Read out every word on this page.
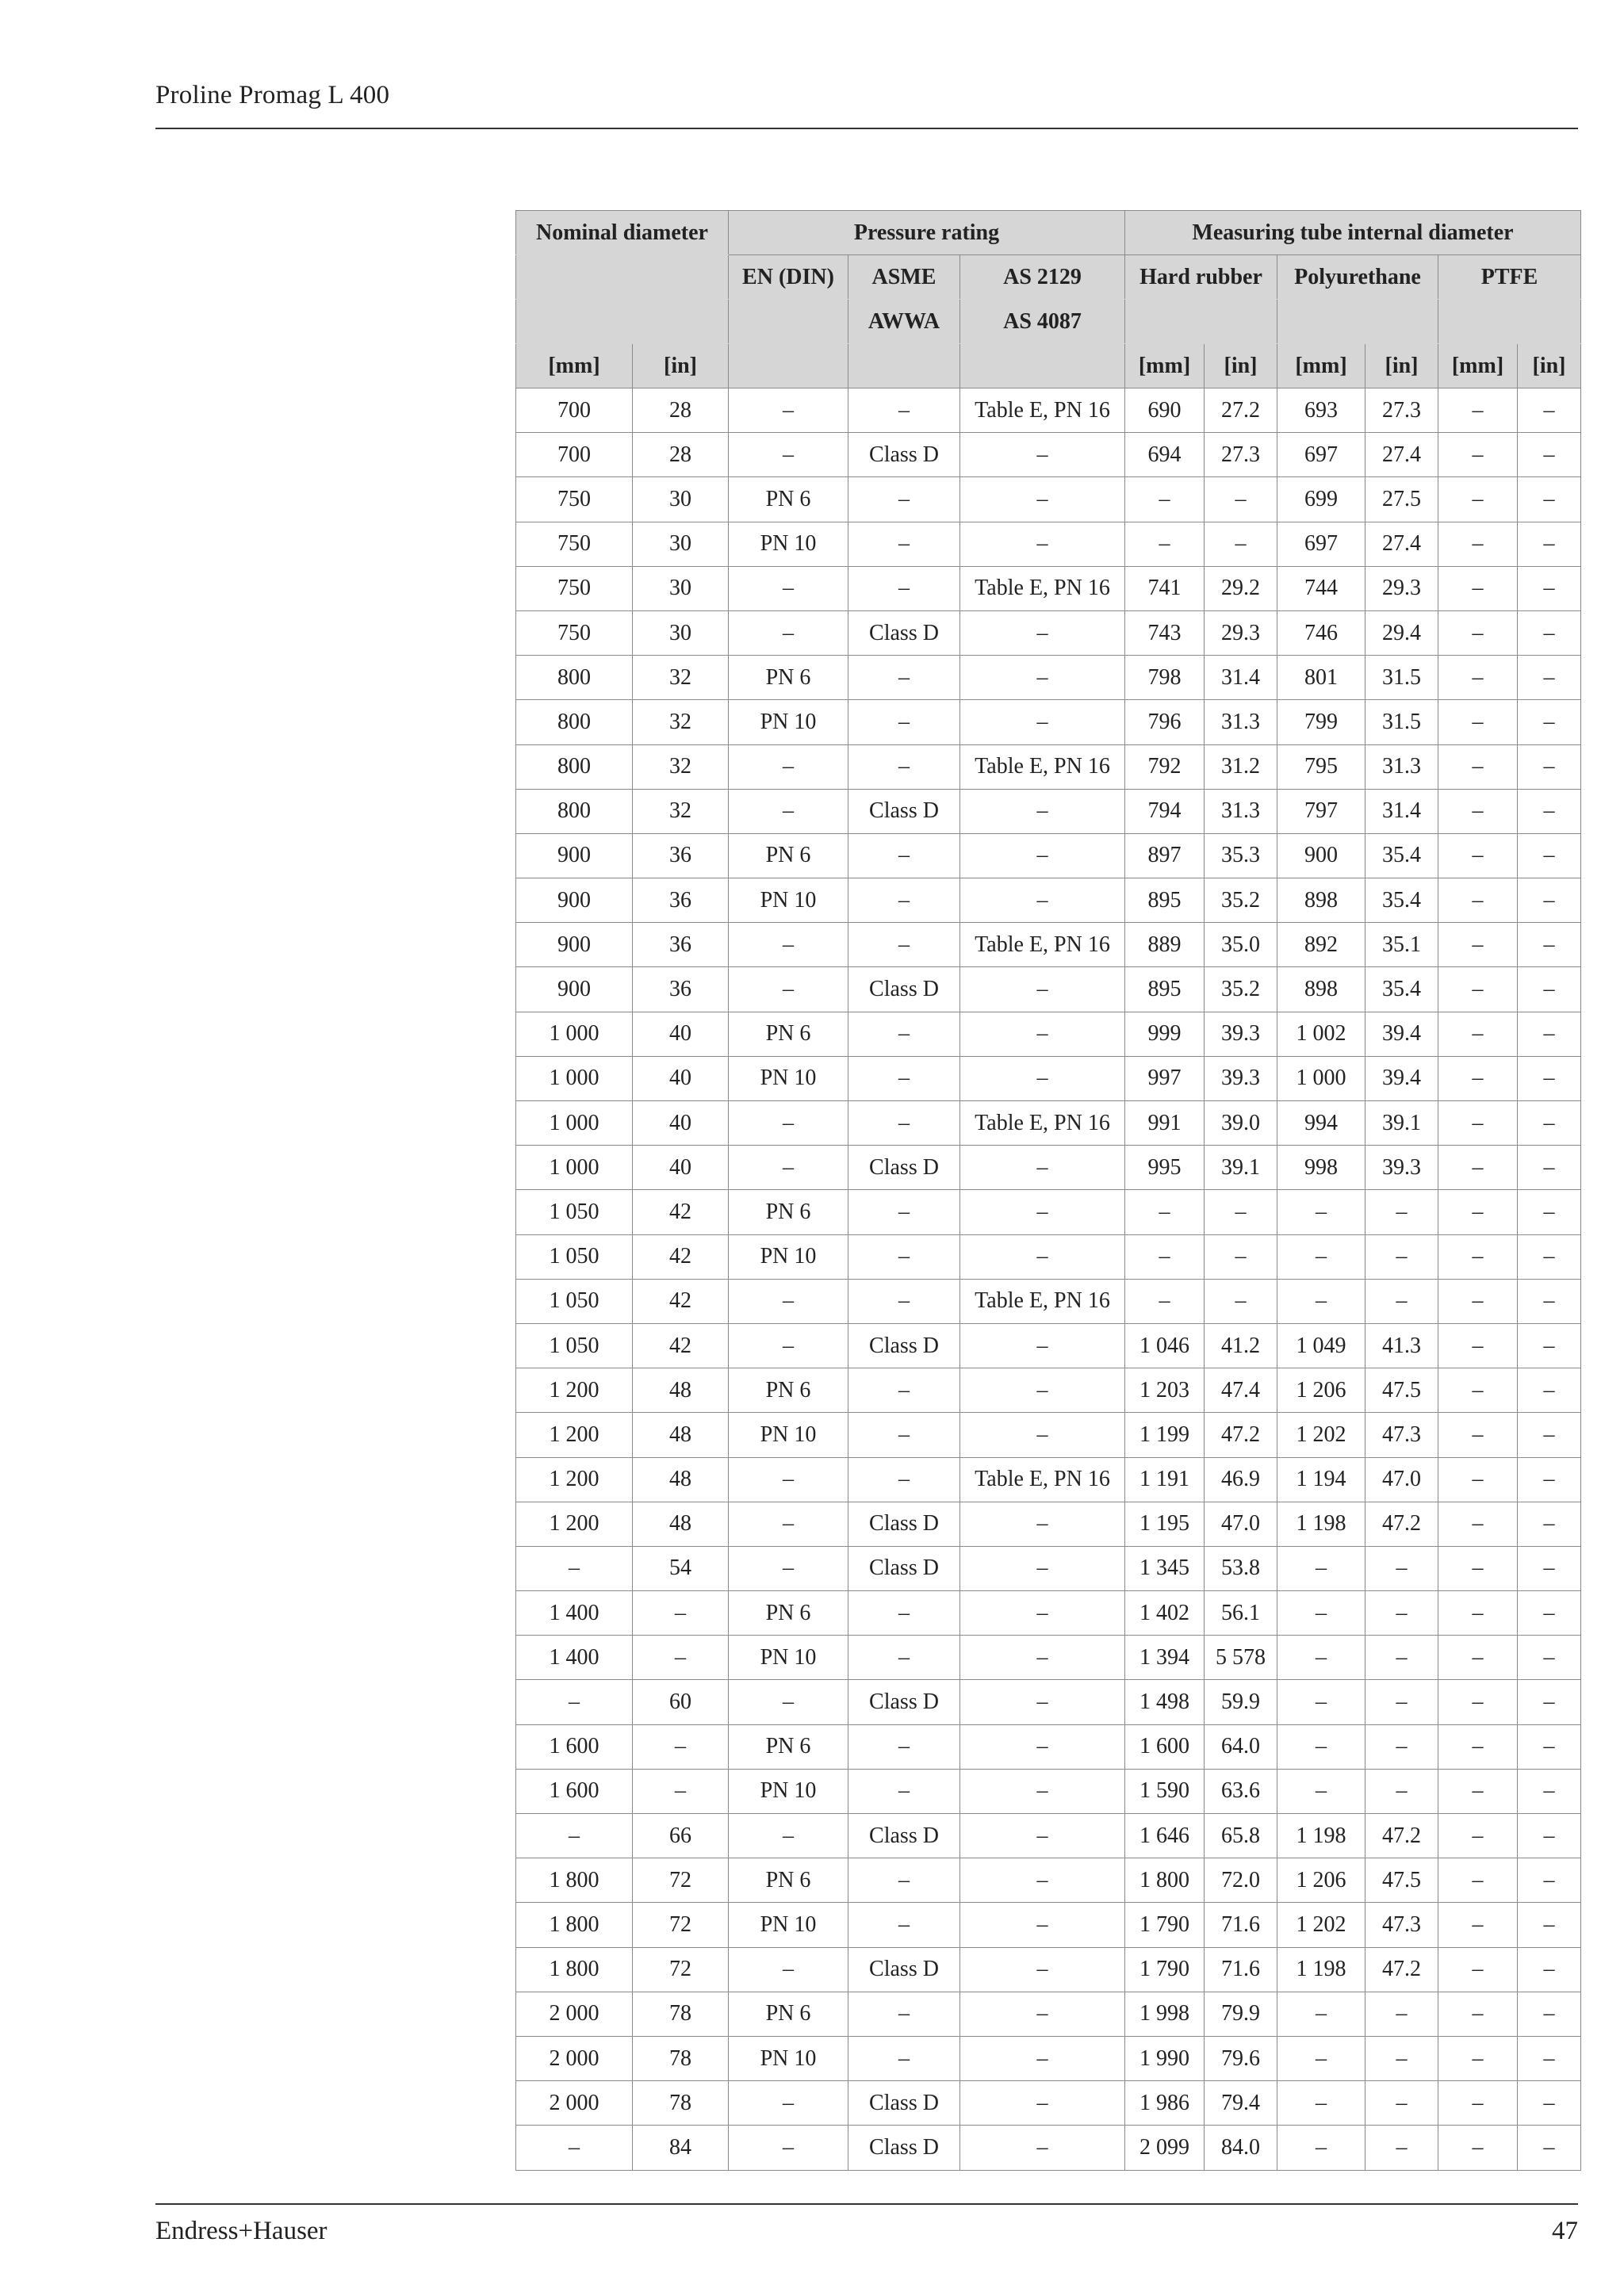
Proline Promag L 400
Nominal diameter		Pressure rating			Measuring tube internal diameter					
		EN (DIN)	ASME	AS 2129	Hard rubber		Polyurethane		PTFE	
			AWWA	AS 4087						
[mm]	[in]				[mm]	[in]	[mm]	[in]	[mm]	[in]
700	28	–	–	Table E, PN 16	690	27.2	693	27.3	–	–
700	28	–	Class D	–	694	27.3	697	27.4	–	–
750	30	PN 6	–	–	–	–	699	27.5	–	–
750	30	PN 10	–	–	–	–	697	27.4	–	–
750	30	–	–	Table E, PN 16	741	29.2	744	29.3	–	–
750	30	–	Class D	–	743	29.3	746	29.4	–	–
800	32	PN 6	–	–	798	31.4	801	31.5	–	–
800	32	PN 10	–	–	796	31.3	799	31.5	–	–
800	32	–	–	Table E, PN 16	792	31.2	795	31.3	–	–
800	32	–	Class D	–	794	31.3	797	31.4	–	–
900	36	PN 6	–	–	897	35.3	900	35.4	–	–
900	36	PN 10	–	–	895	35.2	898	35.4	–	–
900	36	–	–	Table E, PN 16	889	35.0	892	35.1	–	–
900	36	–	Class D	–	895	35.2	898	35.4	–	–
1 000	40	PN 6	–	–	999	39.3	1 002	39.4	–	–
1 000	40	PN 10	–	–	997	39.3	1 000	39.4	–	–
1 000	40	–	–	Table E, PN 16	991	39.0	994	39.1	–	–
1 000	40	–	Class D	–	995	39.1	998	39.3	–	–
1 050	42	PN 6	–	–	–	–	–	–	–	–
1 050	42	PN 10	–	–	–	–	–	–	–	–
1 050	42	–	–	Table E, PN 16	–	–	–	–	–	–
1 050	42	–	Class D	–	1 046	41.2	1 049	41.3	–	–
1 200	48	PN 6	–	–	1 203	47.4	1 206	47.5	–	–
1 200	48	PN 10	–	–	1 199	47.2	1 202	47.3	–	–
1 200	48	–	–	Table E, PN 16	1 191	46.9	1 194	47.0	–	–
1 200	48	–	Class D	–	1 195	47.0	1 198	47.2	–	–
–	54	–	Class D	–	1 345	53.8	–	–	–	–
1 400	–	PN 6	–	–	1 402	56.1	–	–	–	–
1 400	–	PN 10	–	–	1 394	5 578	–	–	–	–
–	60	–	Class D	–	1 498	59.9	–	–	–	–
1 600	–	PN 6	–	–	1 600	64.0	–	–	–	–
1 600	–	PN 10	–	–	1 590	63.6	–	–	–	–
–	66	–	Class D	–	1 646	65.8	1 198	47.2	–	–
1 800	72	PN 6	–	–	1 800	72.0	1 206	47.5	–	–
1 800	72	PN 10	–	–	1 790	71.6	1 202	47.3	–	–
1 800	72	–	Class D	–	1 790	71.6	1 198	47.2	–	–
2 000	78	PN 6	–	–	1 998	79.9	–	–	–	–
2 000	78	PN 10	–	–	1 990	79.6	–	–	–	–
2 000	78	–	Class D	–	1 986	79.4	–	–	–	–
–	84	–	Class D	–	2 099	84.0	–	–	–	–
Endress+Hauser	47
